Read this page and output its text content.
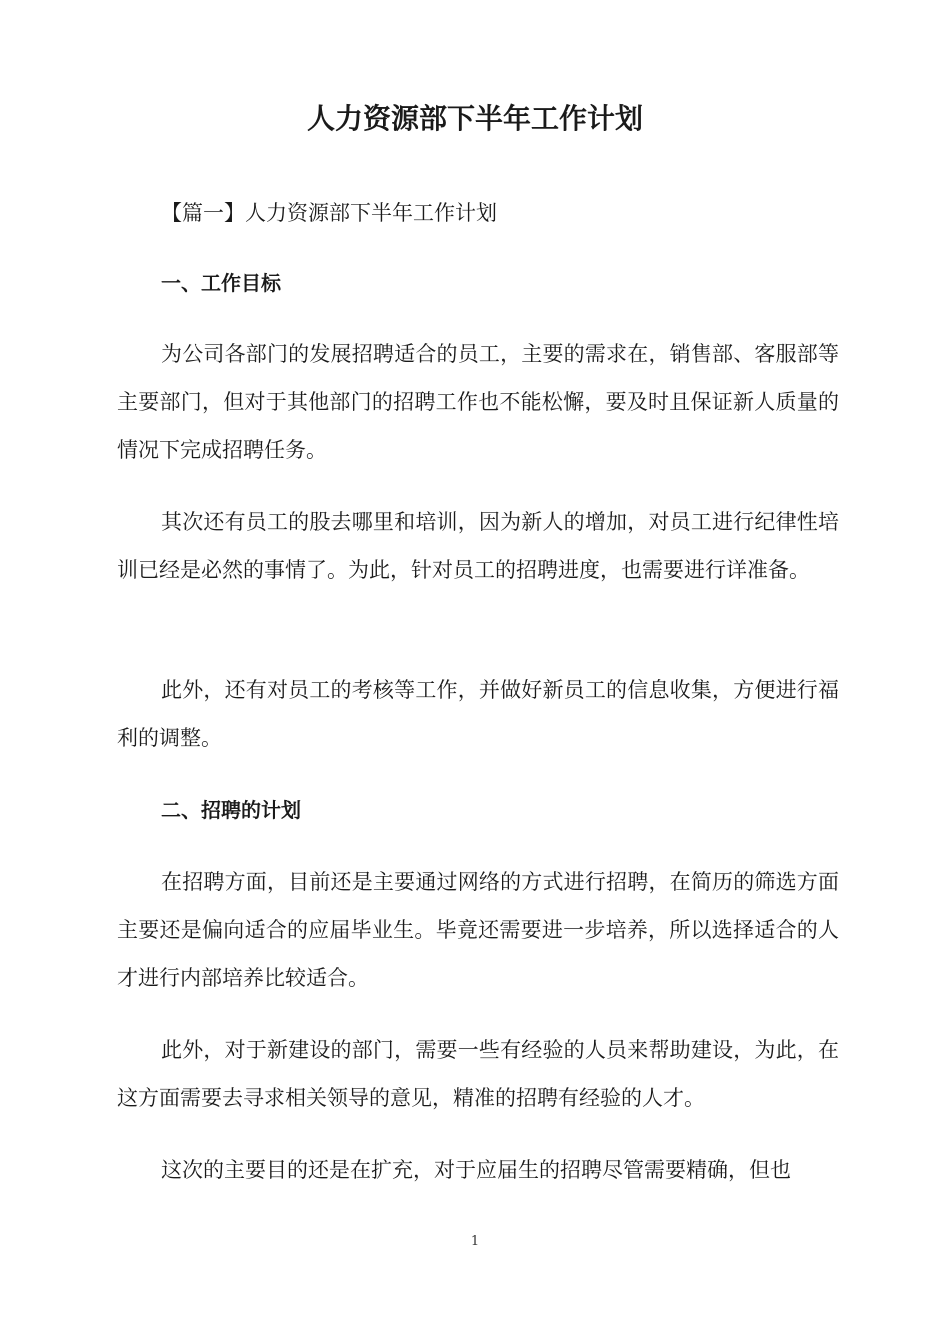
人力资源部下半年工作计划

【篇一】人力资源部下半年工作计划

一、工作目标

为公司各部门的发展招聘适合的员工，主要的需求在，销售部、客服部等主要部门，但对于其他部门的招聘工作也不能松懈，要及时且保证新人质量的情况下完成招聘任务。

其次还有员工的股去哪里和培训，因为新人的增加，对员工进行纪律性培训已经是必然的事情了。为此，针对员工的招聘进度，也需要进行详准备。

此外，还有对员工的考核等工作，并做好新员工的信息收集，方便进行福利的调整。

二、招聘的计划

在招聘方面，目前还是主要通过网络的方式进行招聘，在简历的筛选方面主要还是偏向适合的应届毕业生。毕竟还需要进一步培养，所以选择适合的人才进行内部培养比较适合。

此外，对于新建设的部门，需要一些有经验的人员来帮助建设，为此，在这方面需要去寻求相关领导的意见，精准的招聘有经验的人才。

这次的主要目的还是在扩充，对于应届生的招聘尽管需要精确，但也

1
